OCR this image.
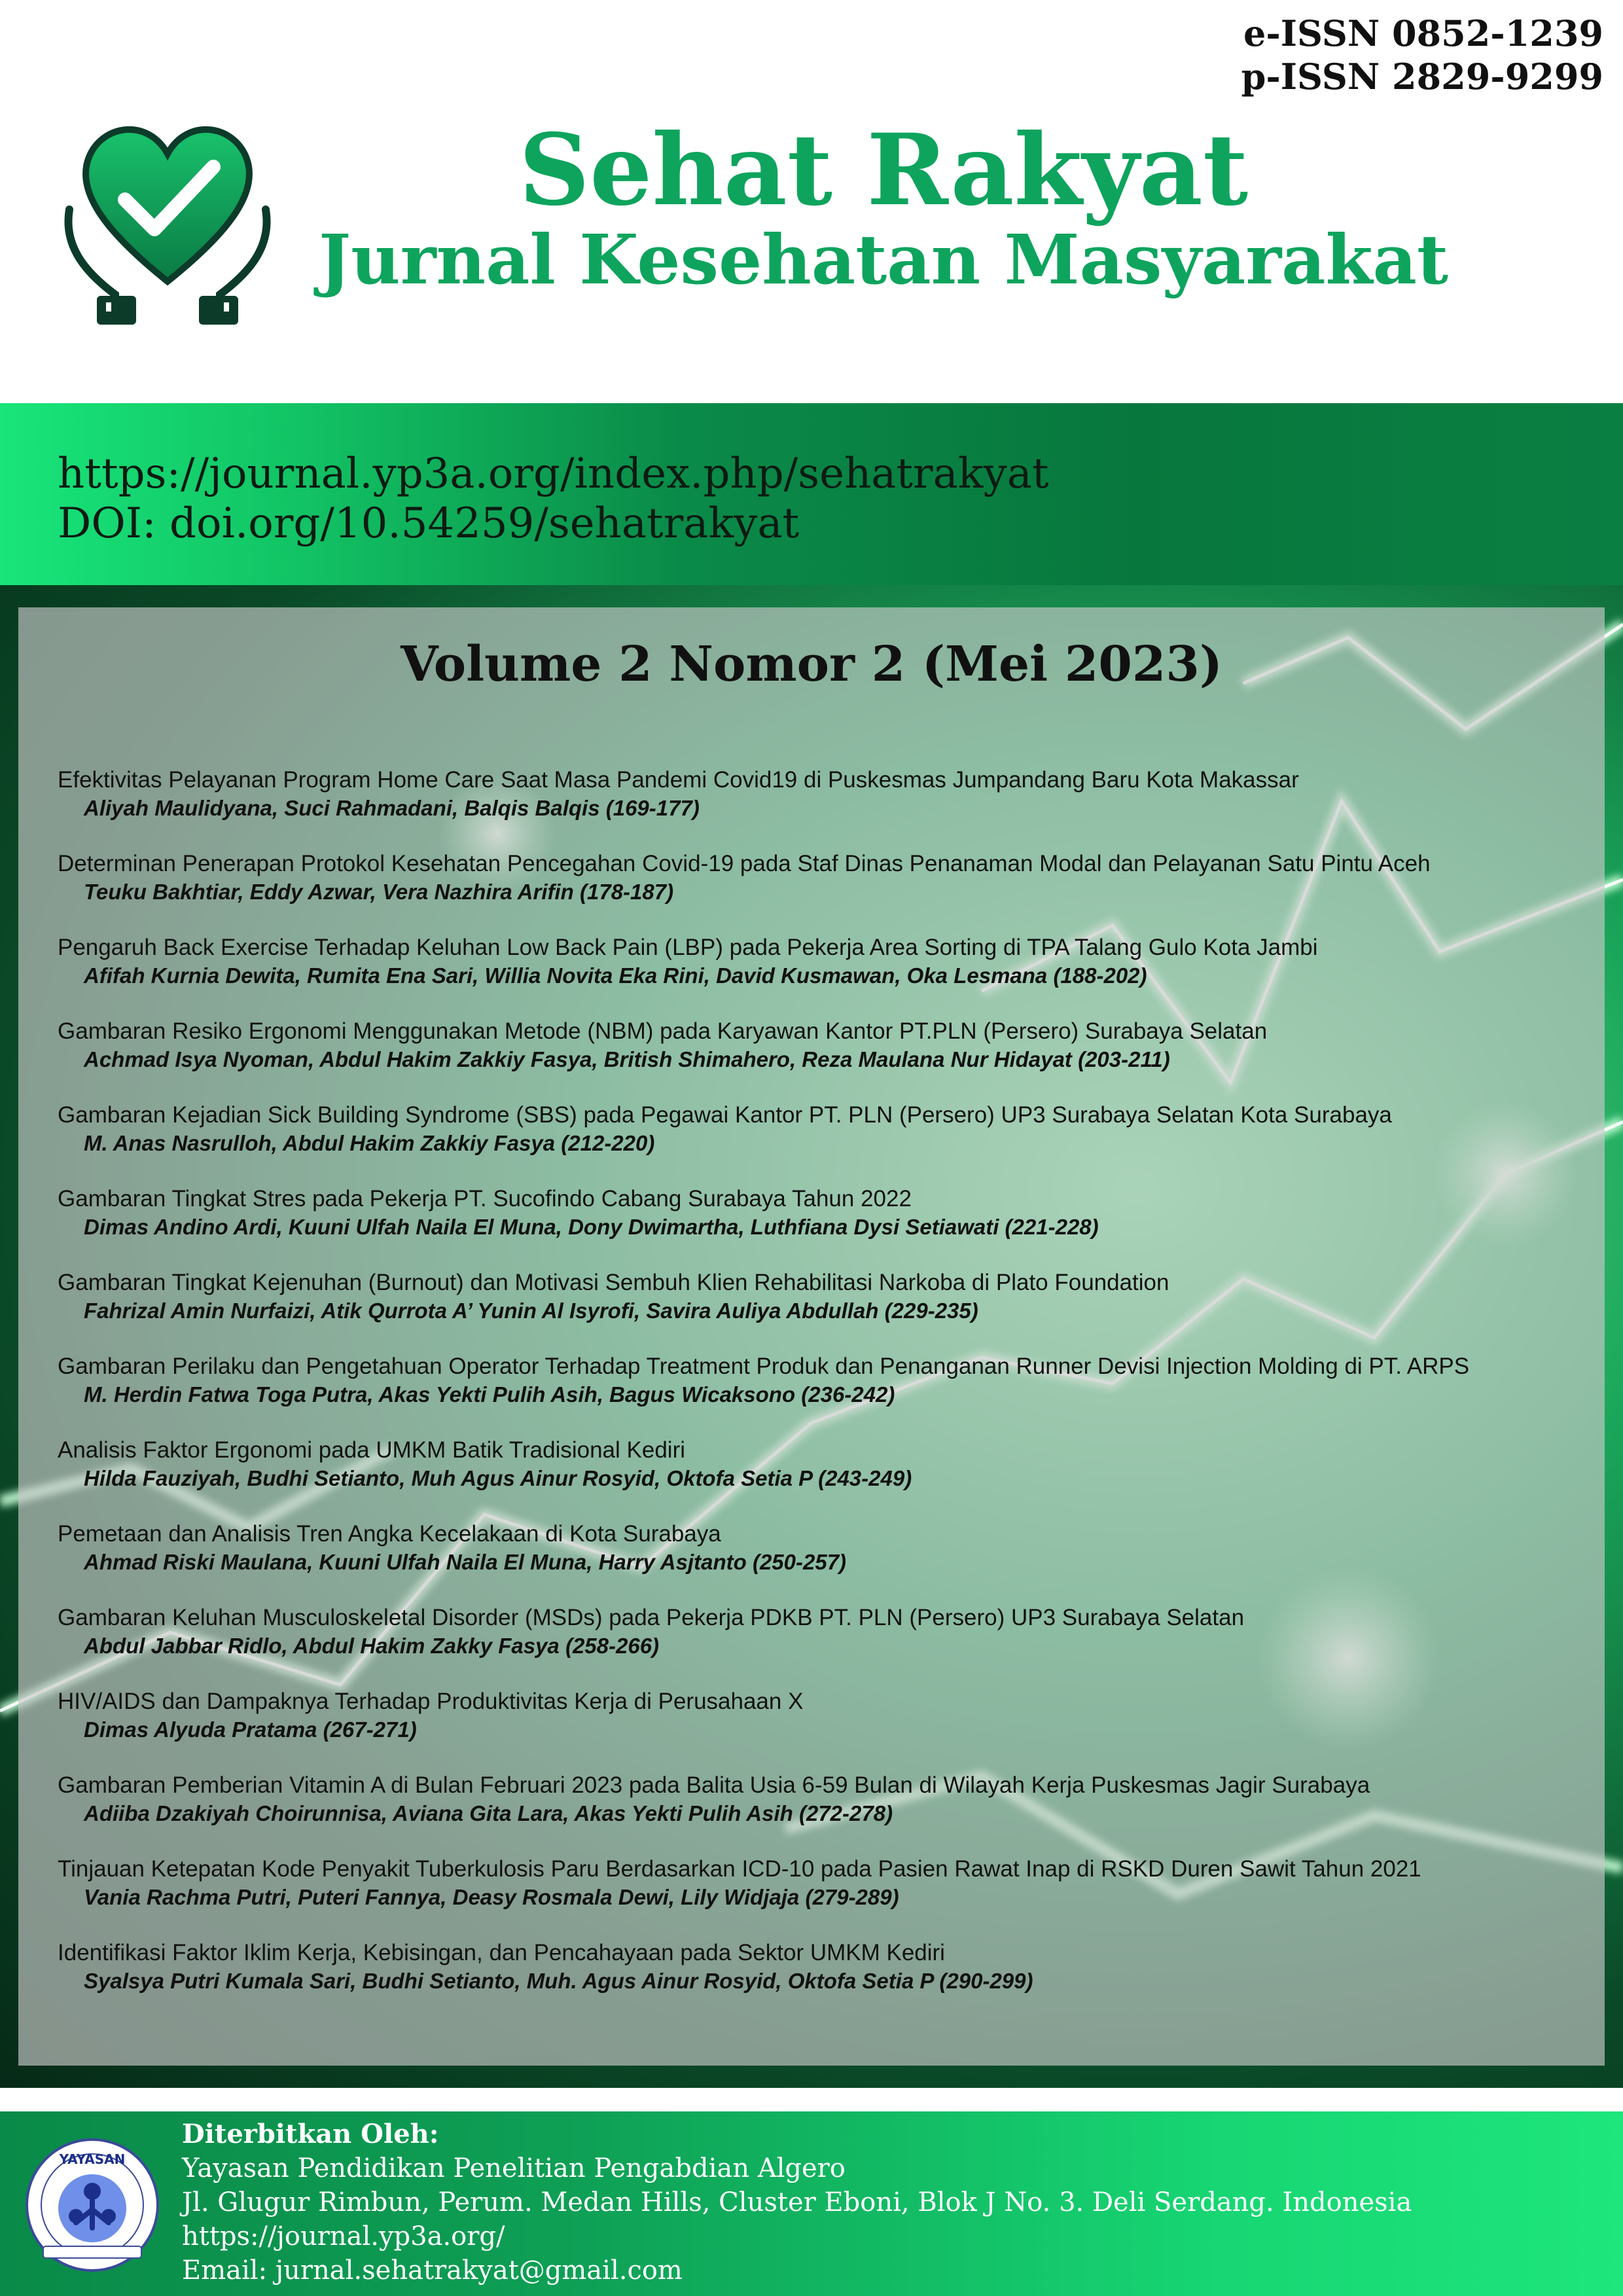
e-ISSN 0852-1239
p-ISSN 2829-9299
Sehat Rakyat
Jurnal Kesehatan Masyarakat
https://journal.yp3a.org/index.php/sehatrakyat
DOI: doi.org/10.54259/sehatrakyat
Volume 2 Nomor 2 (Mei 2023)
Efektivitas Pelayanan Program Home Care Saat Masa Pandemi Covid19 di Puskesmas Jumpandang Baru Kota Makassar
Aliyah Maulidyana, Suci Rahmadani, Balqis Balqis (169-177)
Determinan Penerapan Protokol Kesehatan Pencegahan Covid-19 pada Staf Dinas Penanaman Modal dan Pelayanan Satu Pintu Aceh
Teuku Bakhtiar, Eddy Azwar, Vera Nazhira Arifin (178-187)
Pengaruh Back Exercise Terhadap Keluhan Low Back Pain (LBP) pada Pekerja Area Sorting di TPA Talang Gulo Kota Jambi
Afifah Kurnia Dewita, Rumita Ena Sari, Willia Novita Eka Rini, David Kusmawan, Oka Lesmana (188-202)
Gambaran Resiko Ergonomi Menggunakan Metode (NBM) pada Karyawan Kantor PT.PLN (Persero) Surabaya Selatan
Achmad Isya Nyoman, Abdul Hakim Zakkiy Fasya, British Shimahero, Reza Maulana Nur Hidayat (203-211)
Gambaran Kejadian Sick Building Syndrome (SBS) pada Pegawai Kantor PT. PLN (Persero) UP3 Surabaya Selatan Kota Surabaya
M. Anas Nasrulloh, Abdul Hakim Zakkiy Fasya (212-220)
Gambaran Tingkat Stres pada Pekerja PT. Sucofindo Cabang Surabaya Tahun 2022
Dimas Andino Ardi, Kuuni Ulfah Naila El Muna, Dony Dwimartha, Luthfiana Dysi Setiawati (221-228)
Gambaran Tingkat Kejenuhan (Burnout) dan Motivasi Sembuh Klien Rehabilitasi Narkoba di Plato Foundation
Fahrizal Amin Nurfaizi, Atik Qurrota A’ Yunin Al Isyrofi, Savira Auliya Abdullah (229-235)
Gambaran Perilaku dan Pengetahuan Operator Terhadap Treatment Produk dan Penanganan Runner Devisi Injection Molding di PT. ARPS
M. Herdin Fatwa Toga Putra, Akas Yekti Pulih Asih, Bagus Wicaksono (236-242)
Analisis Faktor Ergonomi pada UMKM Batik Tradisional Kediri
Hilda Fauziyah, Budhi Setianto, Muh Agus Ainur Rosyid, Oktofa Setia P (243-249)
Pemetaan dan Analisis Tren Angka Kecelakaan di Kota Surabaya
Ahmad Riski Maulana, Kuuni Ulfah Naila El Muna, Harry Asjtanto (250-257)
Gambaran Keluhan Musculoskeletal Disorder (MSDs) pada Pekerja PDKB PT. PLN (Persero) UP3 Surabaya Selatan
Abdul Jabbar Ridlo, Abdul Hakim Zakky Fasya (258-266)
HIV/AIDS dan Dampaknya Terhadap Produktivitas Kerja di Perusahaan X
Dimas Alyuda Pratama (267-271)
Gambaran Pemberian Vitamin A di Bulan Februari 2023 pada Balita Usia 6-59 Bulan di Wilayah Kerja Puskesmas Jagir Surabaya
Adiiba Dzakiyah Choirunnisa, Aviana Gita Lara, Akas Yekti Pulih Asih (272-278)
Tinjauan Ketepatan Kode Penyakit Tuberkulosis Paru Berdasarkan ICD-10 pada Pasien Rawat Inap di RSKD Duren Sawit Tahun 2021
Vania Rachma Putri, Puteri Fannya, Deasy Rosmala Dewi, Lily Widjaja (279-289)
Identifikasi Faktor Iklim Kerja, Kebisingan, dan Pencahayaan pada Sektor UMKM Kediri
Syalsya Putri Kumala Sari, Budhi Setianto, Muh. Agus Ainur Rosyid, Oktofa Setia P (290-299)
YAYASAN
Diterbitkan Oleh:
Yayasan Pendidikan Penelitian Pengabdian Algero
Jl. Glugur Rimbun, Perum. Medan Hills, Cluster Eboni, Blok J No. 3. Deli Serdang. Indonesia
https://journal.yp3a.org/
Email: jurnal.sehatrakyat@gmail.com
